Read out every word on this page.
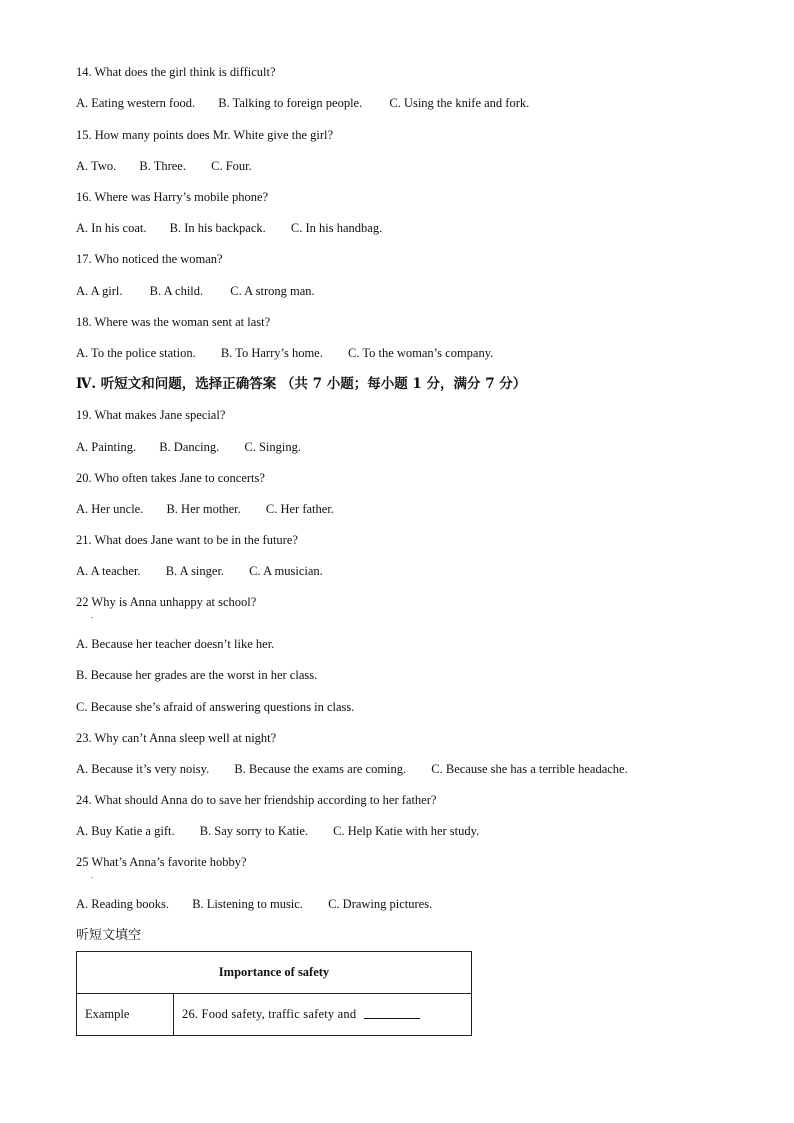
14. What does the girl think is difficult?
A. Eating western food. B. Talking to foreign people. C. Using the knife and fork.
15. How many points does Mr. White give the girl?
A. Two. B. Three. C. Four.
16. Where was Harry’s mobile phone?
A. In his coat. B. In his backpack. C. In his handbag.
17. Who noticed the woman?
A. A girl. B. A child. C. A strong man.
18. Where was the woman sent at last?
A. To the police station. B. To Harry’s home. C. To the woman’s company.
Ⅳ. 听短文和问题，选择正确答案 （共 7 小题；每小题 1 分，满分 7 分）
19. What makes Jane special?
A. Painting. B. Dancing. C. Singing.
20. Who often takes Jane to concerts?
A. Her uncle. B. Her mother. C. Her father.
21. What does Jane want to be in the future?
A. A teacher. B. A singer. C. A musician.
22 Why is Anna unhappy at school?
.
A. Because her teacher doesn’t like her.
B. Because her grades are the worst in her class.
C. Because she’s afraid of answering questions in class.
23. Why can’t Anna sleep well at night?
A. Because it’s very noisy. B. Because the exams are coming. C. Because she has a terrible headache.
24. What should Anna do to save her friendship according to her father?
A. Buy Katie a gift. B. Say sorry to Katie. C. Help Katie with her study.
25 What’s Anna’s favorite hobby?
.
A. Reading books. B. Listening to music. C. Drawing pictures.
听短文填空
Importance of safety
Example	26. Food safety, traffic safety and
